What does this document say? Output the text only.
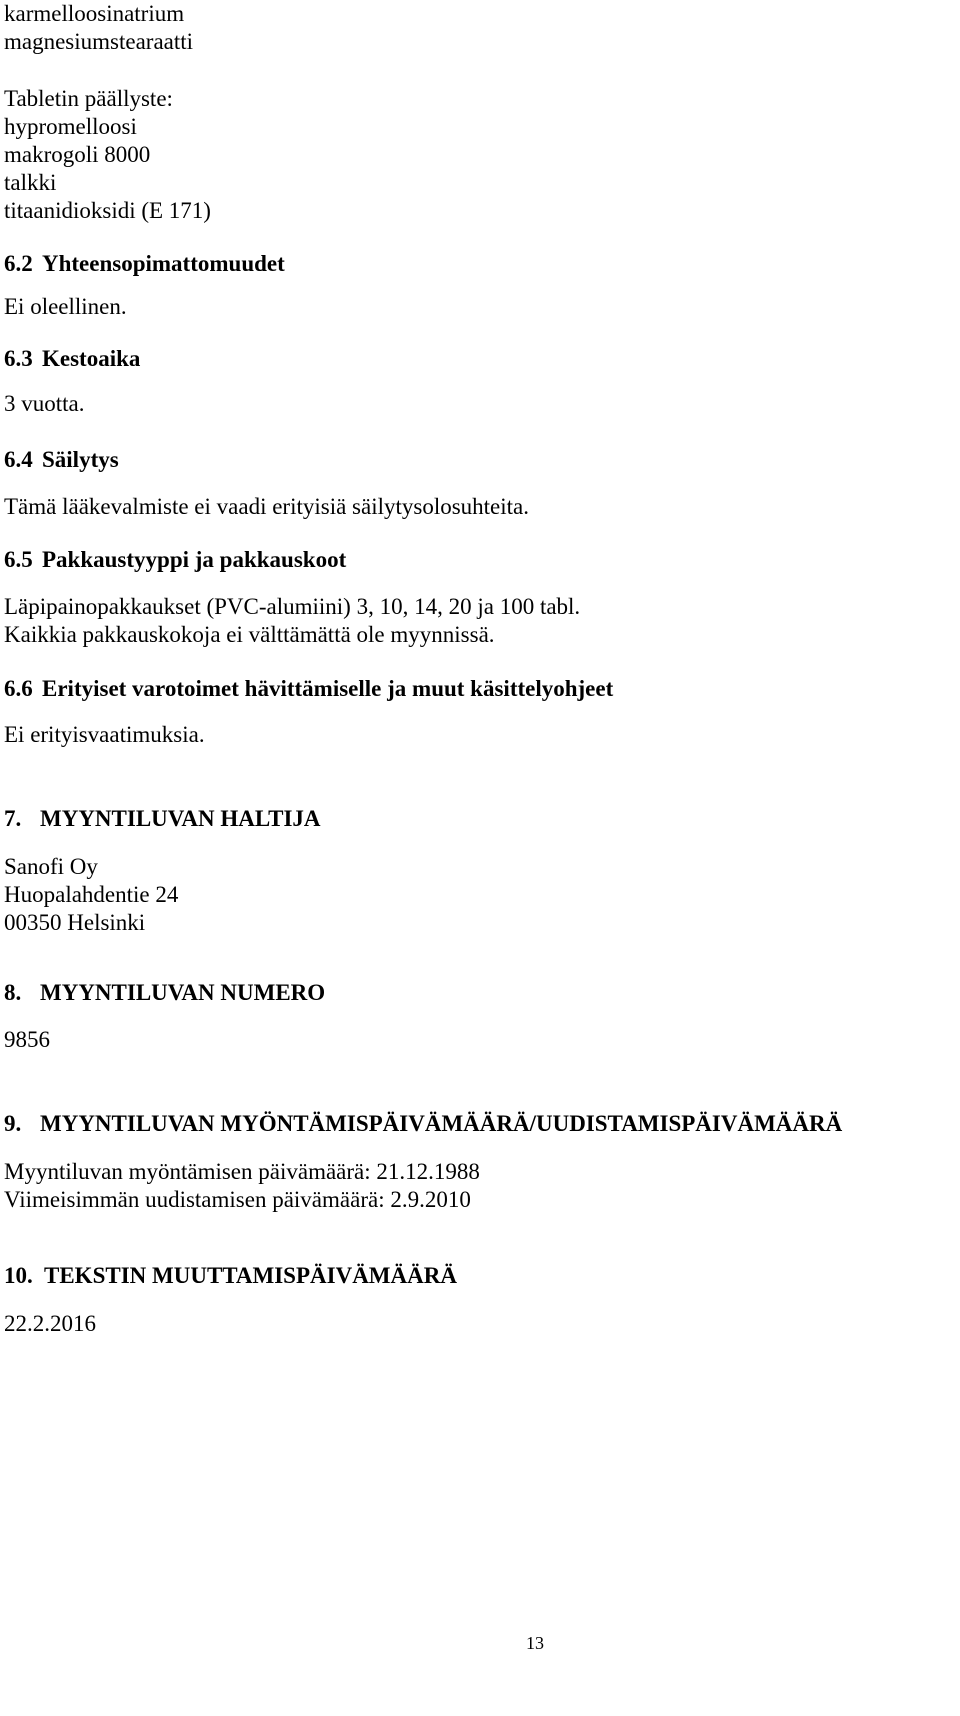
karmelloosinatrium
magnesiumstearaatti
Tabletin päällyste:
hypromelloosi
makrogoli 8000
talkki
titaanidioksidi (E 171)
6.2 Yhteensopimattomuudet
Ei oleellinen.
6.3 Kestoaika
3 vuotta.
6.4 Säilytys
Tämä lääkevalmiste ei vaadi erityisiä säilytysolosuhteita.
6.5 Pakkaustyyppi ja pakkauskoot
Läpipainopakkaukset (PVC-alumiini) 3, 10, 14, 20 ja 100 tabl.
Kaikkia pakkauskokoja ei välttämättä ole myynnissä.
6.6 Erityiset varotoimet hävittämiselle ja muut käsittelyohjeet
Ei erityisvaatimuksia.
7. MYYNTILUVAN HALTIJA
Sanofi Oy
Huopalahdentie 24
00350 Helsinki
8. MYYNTILUVAN NUMERO
9856
9. MYYNTILUVAN MYÖNTÄMISPÄIVÄMÄÄRÄ/UUDISTAMISPÄIVÄMÄÄRÄ
Myyntiluvan myöntämisen päivämäärä: 21.12.1988
Viimeisimmän uudistamisen päivämäärä: 2.9.2010
10. TEKSTIN MUUTTAMISPÄIVÄMÄÄRÄ
22.2.2016
13
